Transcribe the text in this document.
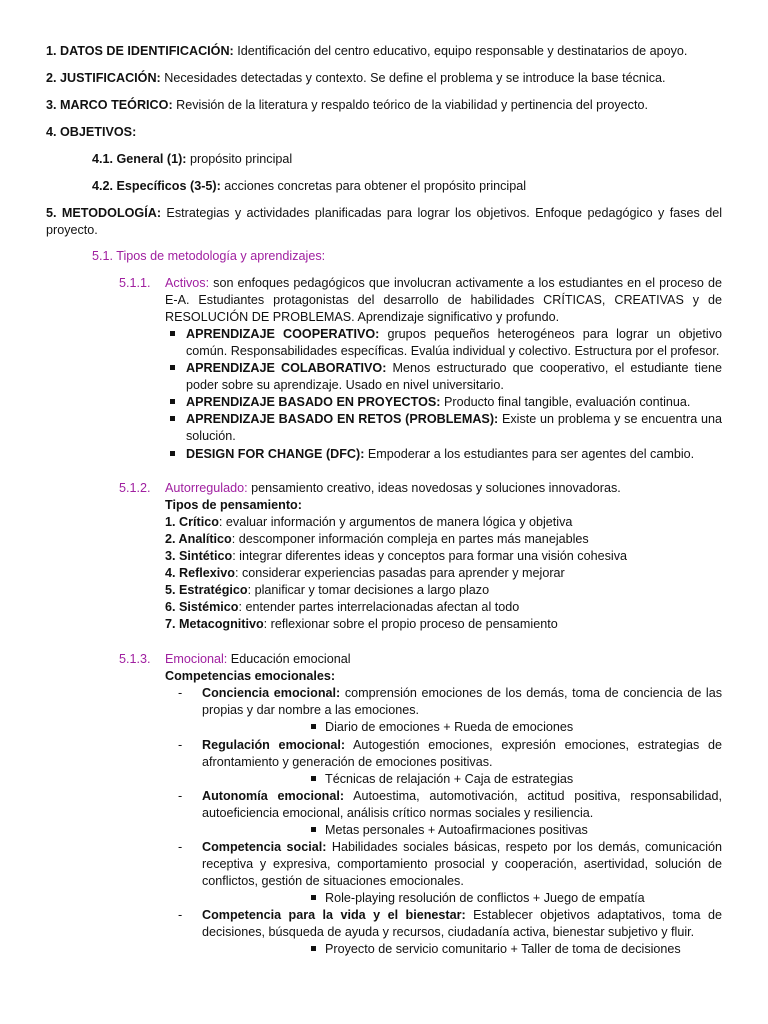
1. DATOS DE IDENTIFICACIÓN: Identificación del centro educativo, equipo responsable y destinatarios de apoyo.
2. JUSTIFICACIÓN: Necesidades detectadas y contexto. Se define el problema y se introduce la base técnica.
3. MARCO TEÓRICO: Revisión de la literatura y respaldo teórico de la viabilidad y pertinencia del proyecto.
4. OBJETIVOS:
4.1. General (1): propósito principal
4.2. Específicos (3-5): acciones concretas para obtener el propósito principal
5. METODOLOGÍA: Estrategias y actividades planificadas para lograr los objetivos. Enfoque pedagógico y fases del proyecto.
5.1. Tipos de metodología y aprendizajes:
5.1.1. Activos: son enfoques pedagógicos que involucran activamente a los estudiantes en el proceso de E-A. Estudiantes protagonistas del desarrollo de habilidades CRÍTICAS, CREATIVAS y de RESOLUCIÓN DE PROBLEMAS. Aprendizaje significativo y profundo.
APRENDIZAJE COOPERATIVO: grupos pequeños heterogéneos para lograr un objetivo común. Responsabilidades específicas. Evalúa individual y colectivo. Estructura por el profesor.
APRENDIZAJE COLABORATIVO: Menos estructurado que cooperativo, el estudiante tiene poder sobre su aprendizaje. Usado en nivel universitario.
APRENDIZAJE BASADO EN PROYECTOS: Producto final tangible, evaluación continua.
APRENDIZAJE BASADO EN RETOS (PROBLEMAS): Existe un problema y se encuentra una solución.
DESIGN FOR CHANGE (DFC): Empoderar a los estudiantes para ser agentes del cambio.
5.1.2. Autorregulado: pensamiento creativo, ideas novedosas y soluciones innovadoras.
Tipos de pensamiento:
1. Crítico: evaluar información y argumentos de manera lógica y objetiva
2. Analítico: descomponer información compleja en partes más manejables
3. Sintético: integrar diferentes ideas y conceptos para formar una visión cohesiva
4. Reflexivo: considerar experiencias pasadas para aprender y mejorar
5. Estratégico: planificar y tomar decisiones a largo plazo
6. Sistémico: entender partes interrelacionadas afectan al todo
7. Metacognitivo: reflexionar sobre el propio proceso de pensamiento
5.1.3. Emocional: Educación emocional
Competencias emocionales:
- Conciencia emocional: comprensión emociones de los demás, toma de conciencia de las propias y dar nombre a las emociones.
Diario de emociones + Rueda de emociones
- Regulación emocional: Autogestión emociones, expresión emociones, estrategias de afrontamiento y generación de emociones positivas.
Técnicas de relajación + Caja de estrategias
- Autonomía emocional: Autoestima, automotivación, actitud positiva, responsabilidad, autoeficiencia emocional, análisis crítico normas sociales y resiliencia.
Metas personales + Autoafirmaciones positivas
- Competencia social: Habilidades sociales básicas, respeto por los demás, comunicación receptiva y expresiva, comportamiento prosocial y cooperación, asertividad, solución de conflictos, gestión de situaciones emocionales.
Role-playing resolución de conflictos + Juego de empatía
- Competencia para la vida y el bienestar: Establecer objetivos adaptativos, toma de decisiones, búsqueda de ayuda y recursos, ciudadanía activa, bienestar subjetivo y fluir.
Proyecto de servicio comunitario + Taller de toma de decisiones
